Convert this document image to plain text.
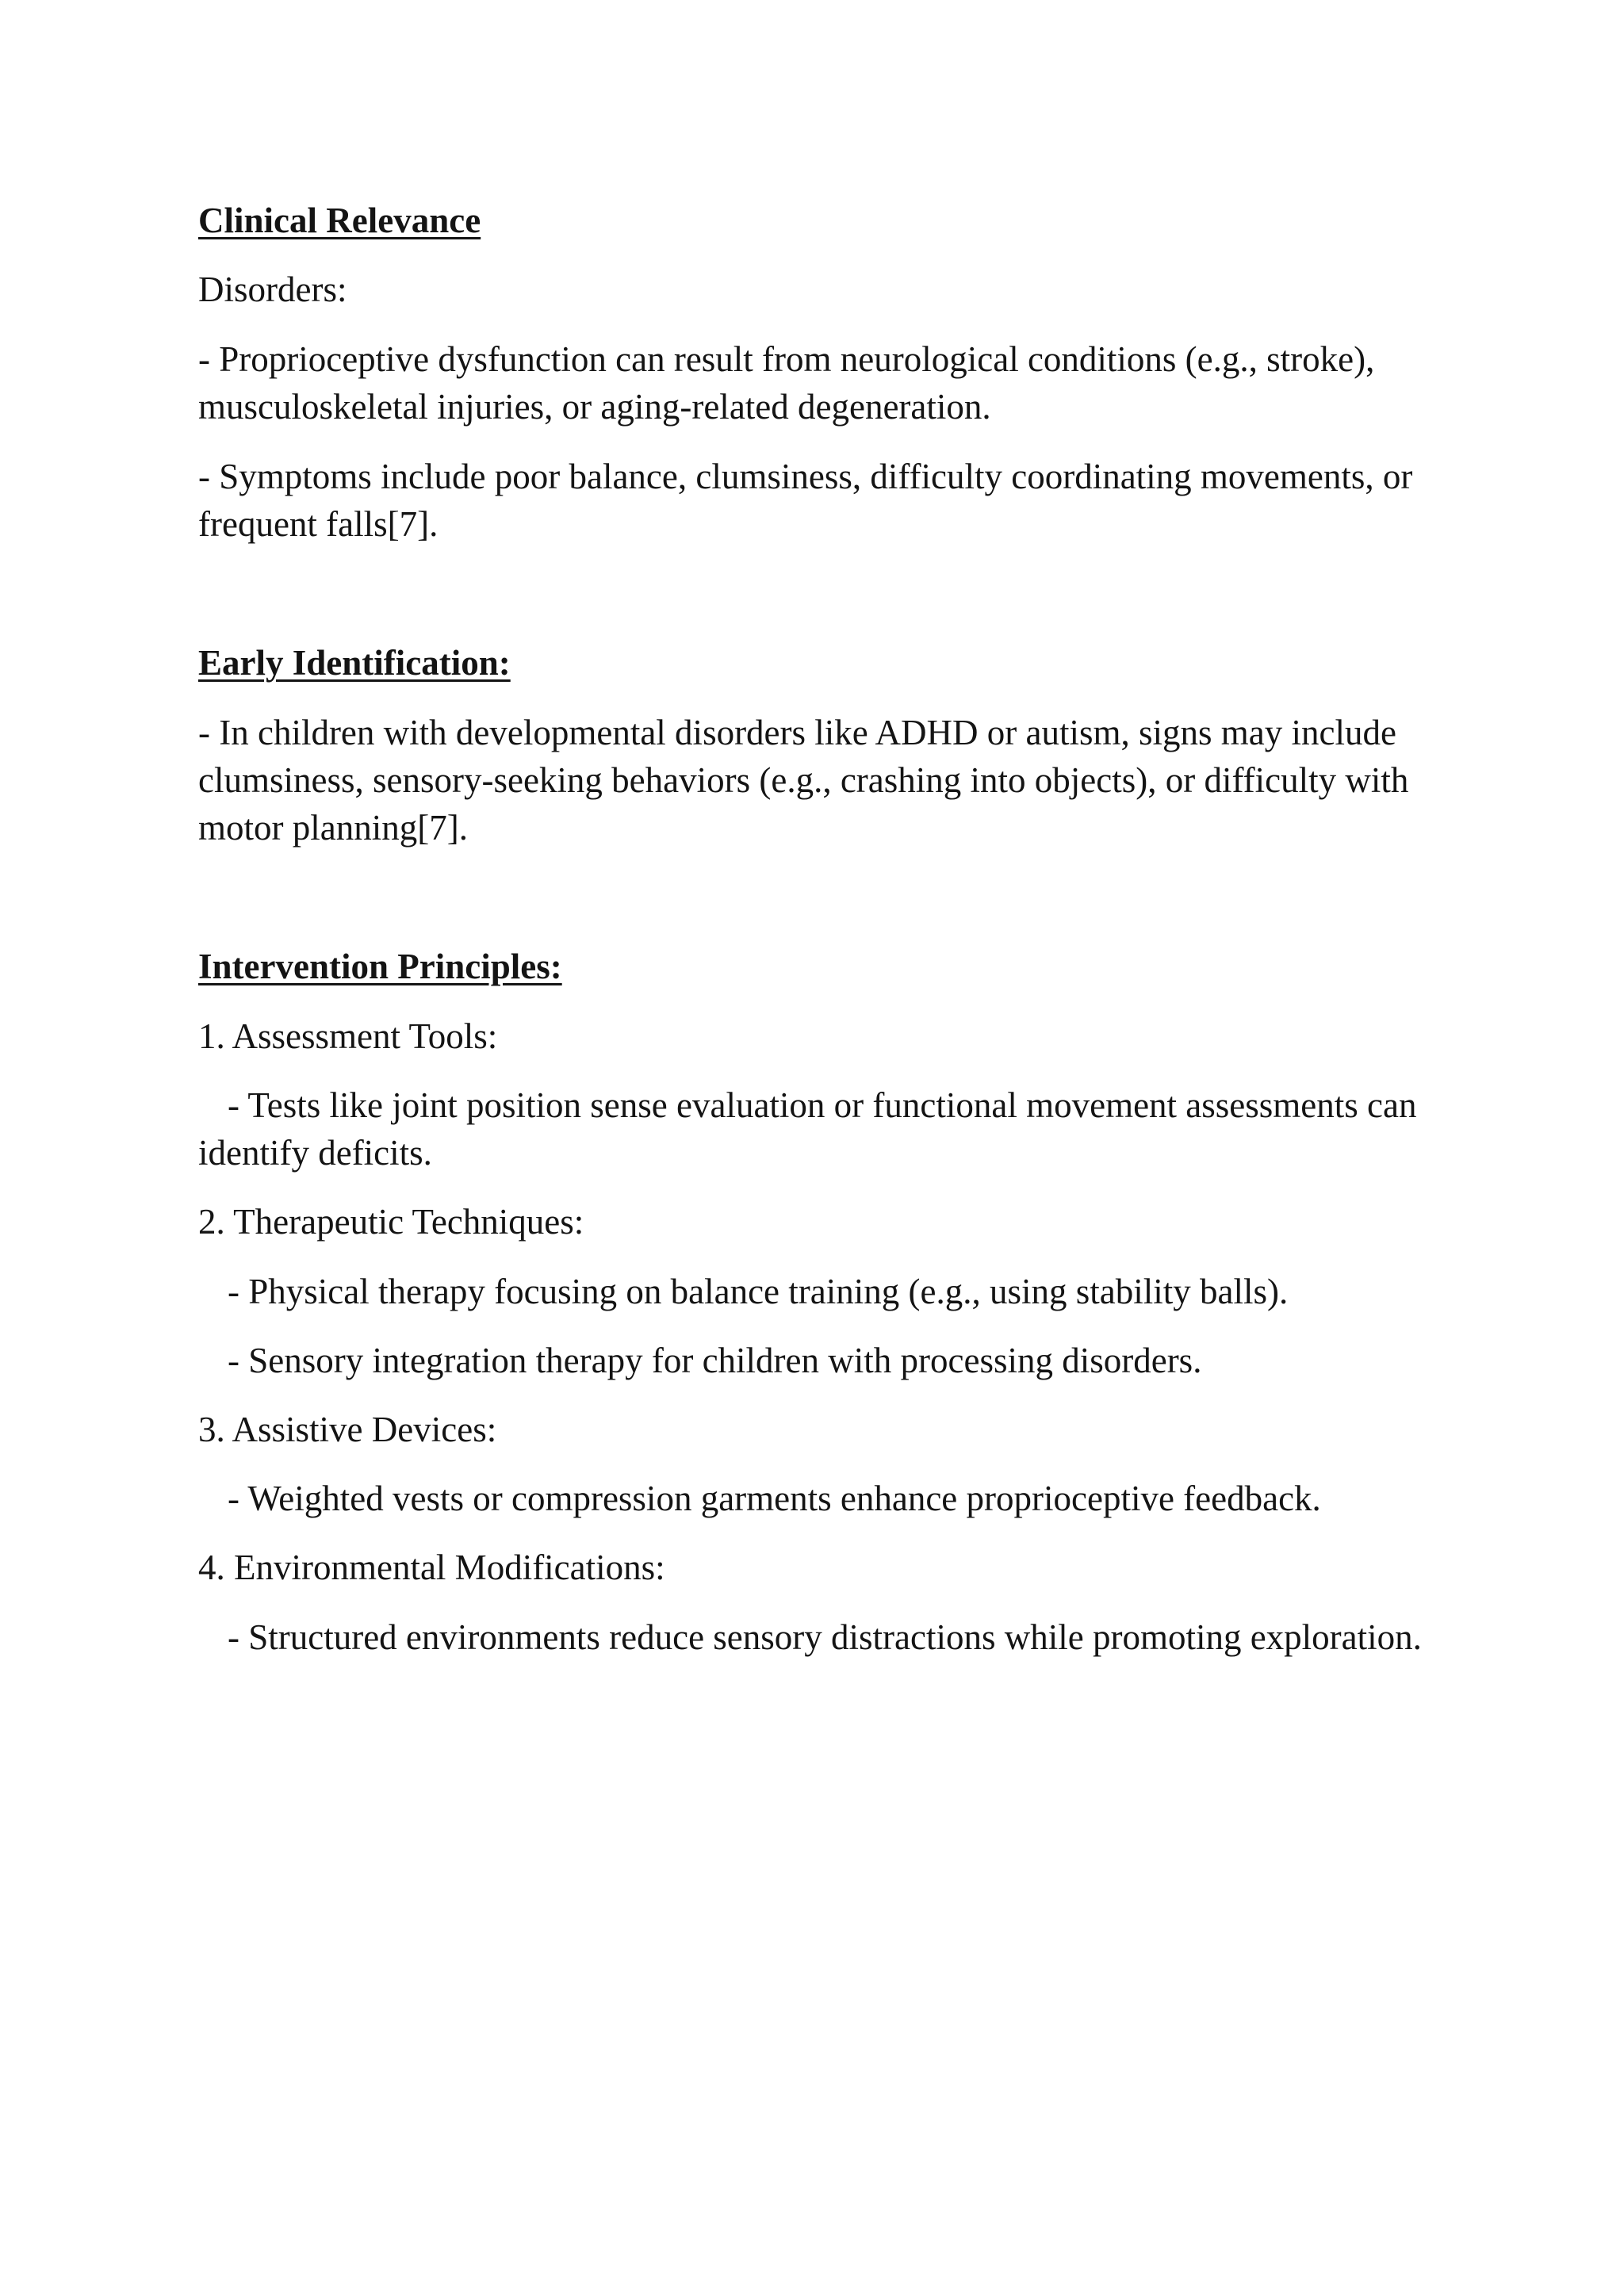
Clinical Relevance

Disorders:

- Proprioceptive dysfunction can result from neurological conditions (e.g., stroke), musculoskeletal injuries, or aging-related degeneration.

- Symptoms include poor balance, clumsiness, difficulty coordinating movements, or frequent falls[7].

Early Identification:

- In children with developmental disorders like ADHD or autism, signs may include clumsiness, sensory-seeking behaviors (e.g., crashing into objects), or difficulty with motor planning[7].

Intervention Principles:

1. Assessment Tools:

- Tests like joint position sense evaluation or functional movement assessments can identify deficits.

2. Therapeutic Techniques:

- Physical therapy focusing on balance training (e.g., using stability balls).

- Sensory integration therapy for children with processing disorders.

3. Assistive Devices:

- Weighted vests or compression garments enhance proprioceptive feedback.

4. Environmental Modifications:

- Structured environments reduce sensory distractions while promoting exploration.
